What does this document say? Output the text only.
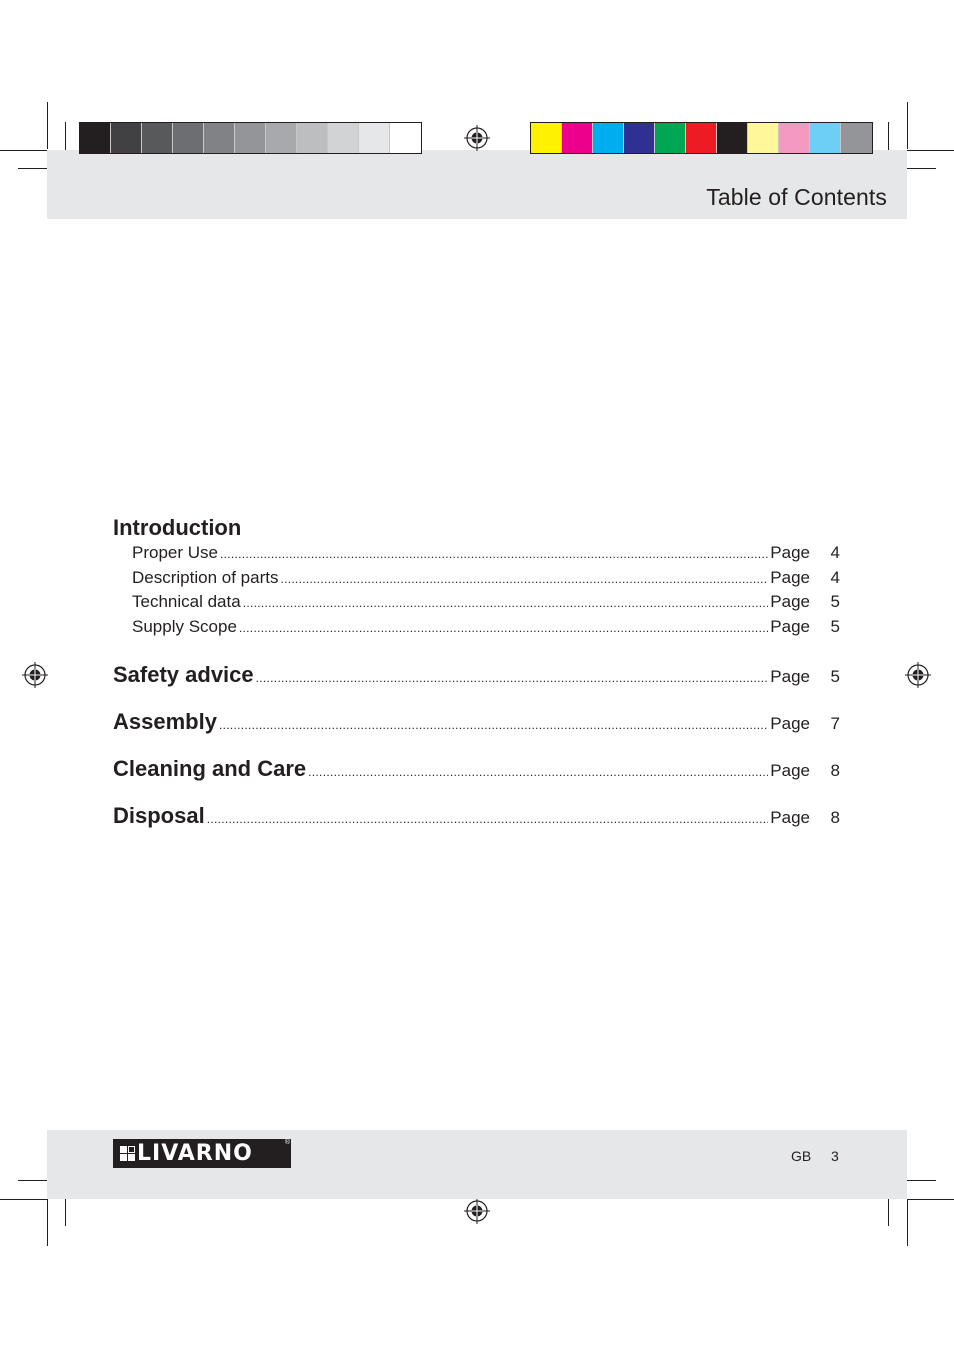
Table of Contents
Introduction
Proper Use .....	Page	4
Description of parts .....	Page	4
Technical data .....	Page	5
Supply Scope .....	Page	5
Safety advice .....	Page	5
Assembly .....	Page	7
Cleaning and Care .....	Page	8
Disposal .....	Page	8
LIVARNO	®
GB 3
